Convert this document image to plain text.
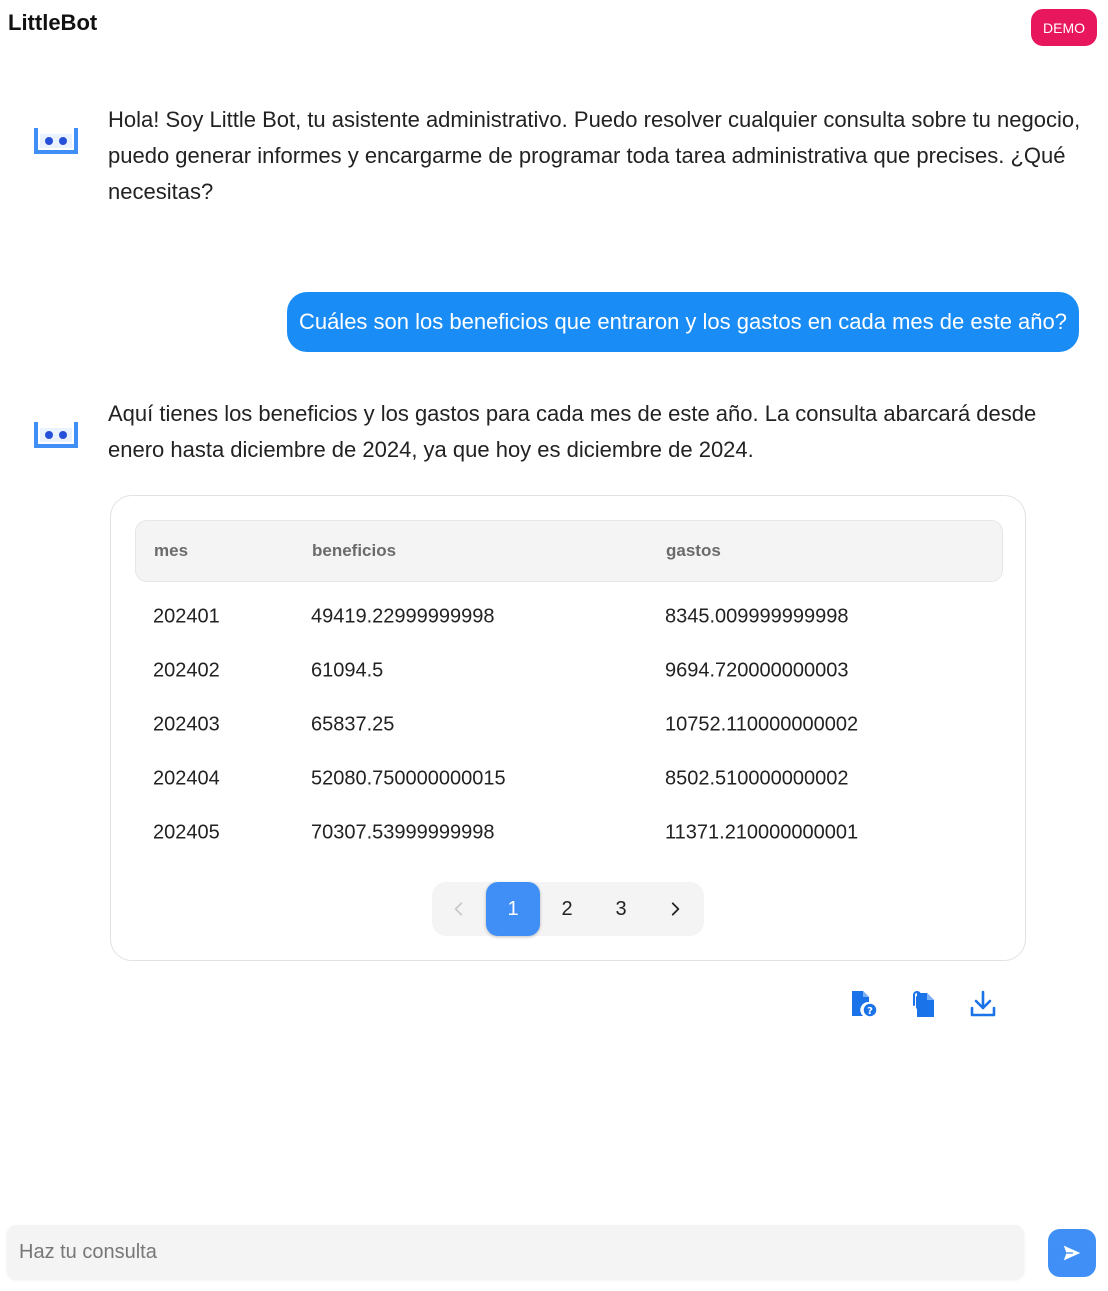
LittleBot	DEMO
Hola! Soy Little Bot, tu asistente administrativo. Puedo resolver cualquier consulta sobre tu negocio, puedo generar informes y encargarme de programar toda tarea administrativa que precises. ¿Qué necesitas?
Cuáles son los beneficios que entraron y los gastos en cada mes de este año?
Aquí tienes los beneficios y los gastos para cada mes de este año. La consulta abarcará desde enero hasta diciembre de 2024, ya que hoy es diciembre de 2024.
mes	beneficios	gastos
202401	49419.22999999998	8345.009999999998
202402	61094.5	9694.720000000003
202403	65837.25	10752.110000000002
202404	52080.750000000015	8502.510000000002
202405	70307.53999999998	11371.210000000001
1	2	3
?
Haz tu consulta
